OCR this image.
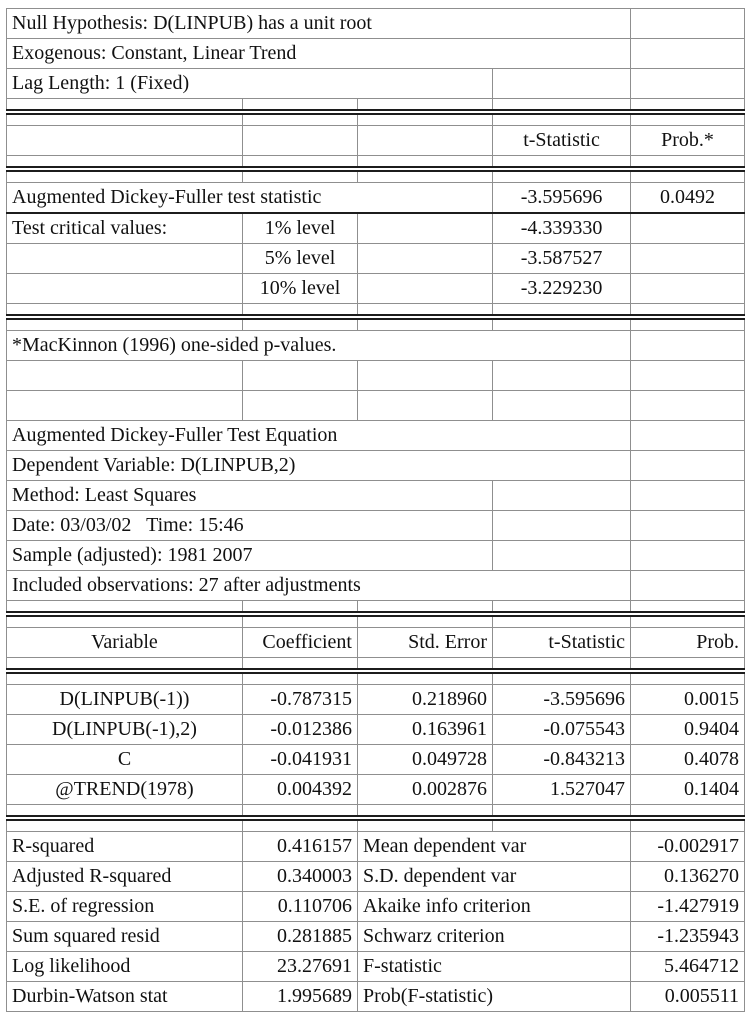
Null Hypothesis: D(LINPUB) has a unit root				
Exogenous: Constant, Linear Trend				
Lag Length: 1 (Fixed)				

			t-Statistic	Prob.*

Augmented Dickey-Fuller test statistic			-3.595696	0.0492
Test critical values:	1% level		-4.339330	
	5% level		-3.587527	
	10% level		-3.229230	

*MacKinnon (1996) one-sided p-values.				

Augmented Dickey-Fuller Test Equation				
Dependent Variable: D(LINPUB,2)				
Method: Least Squares				
Date: 03/03/02   Time: 15:46				
Sample (adjusted): 1981 2007				
Included observations: 27 after adjustments				

Variable	Coefficient	Std. Error	t-Statistic	Prob.

D(LINPUB(-1))	-0.787315	0.218960	-3.595696	0.0015
D(LINPUB(-1),2)	-0.012386	0.163961	-0.075543	0.9404
C	-0.041931	0.049728	-0.843213	0.4078
@TREND(1978)	0.004392	0.002876	1.527047	0.1404

R-squared	0.416157	Mean dependent var		-0.002917
Adjusted R-squared	0.340003	S.D. dependent var		0.136270
S.E. of regression	0.110706	Akaike info criterion		-1.427919
Sum squared resid	0.281885	Schwarz criterion		-1.235943
Log likelihood	23.27691	F-statistic		5.464712
Durbin-Watson stat	1.995689	Prob(F-statistic)		0.005511
